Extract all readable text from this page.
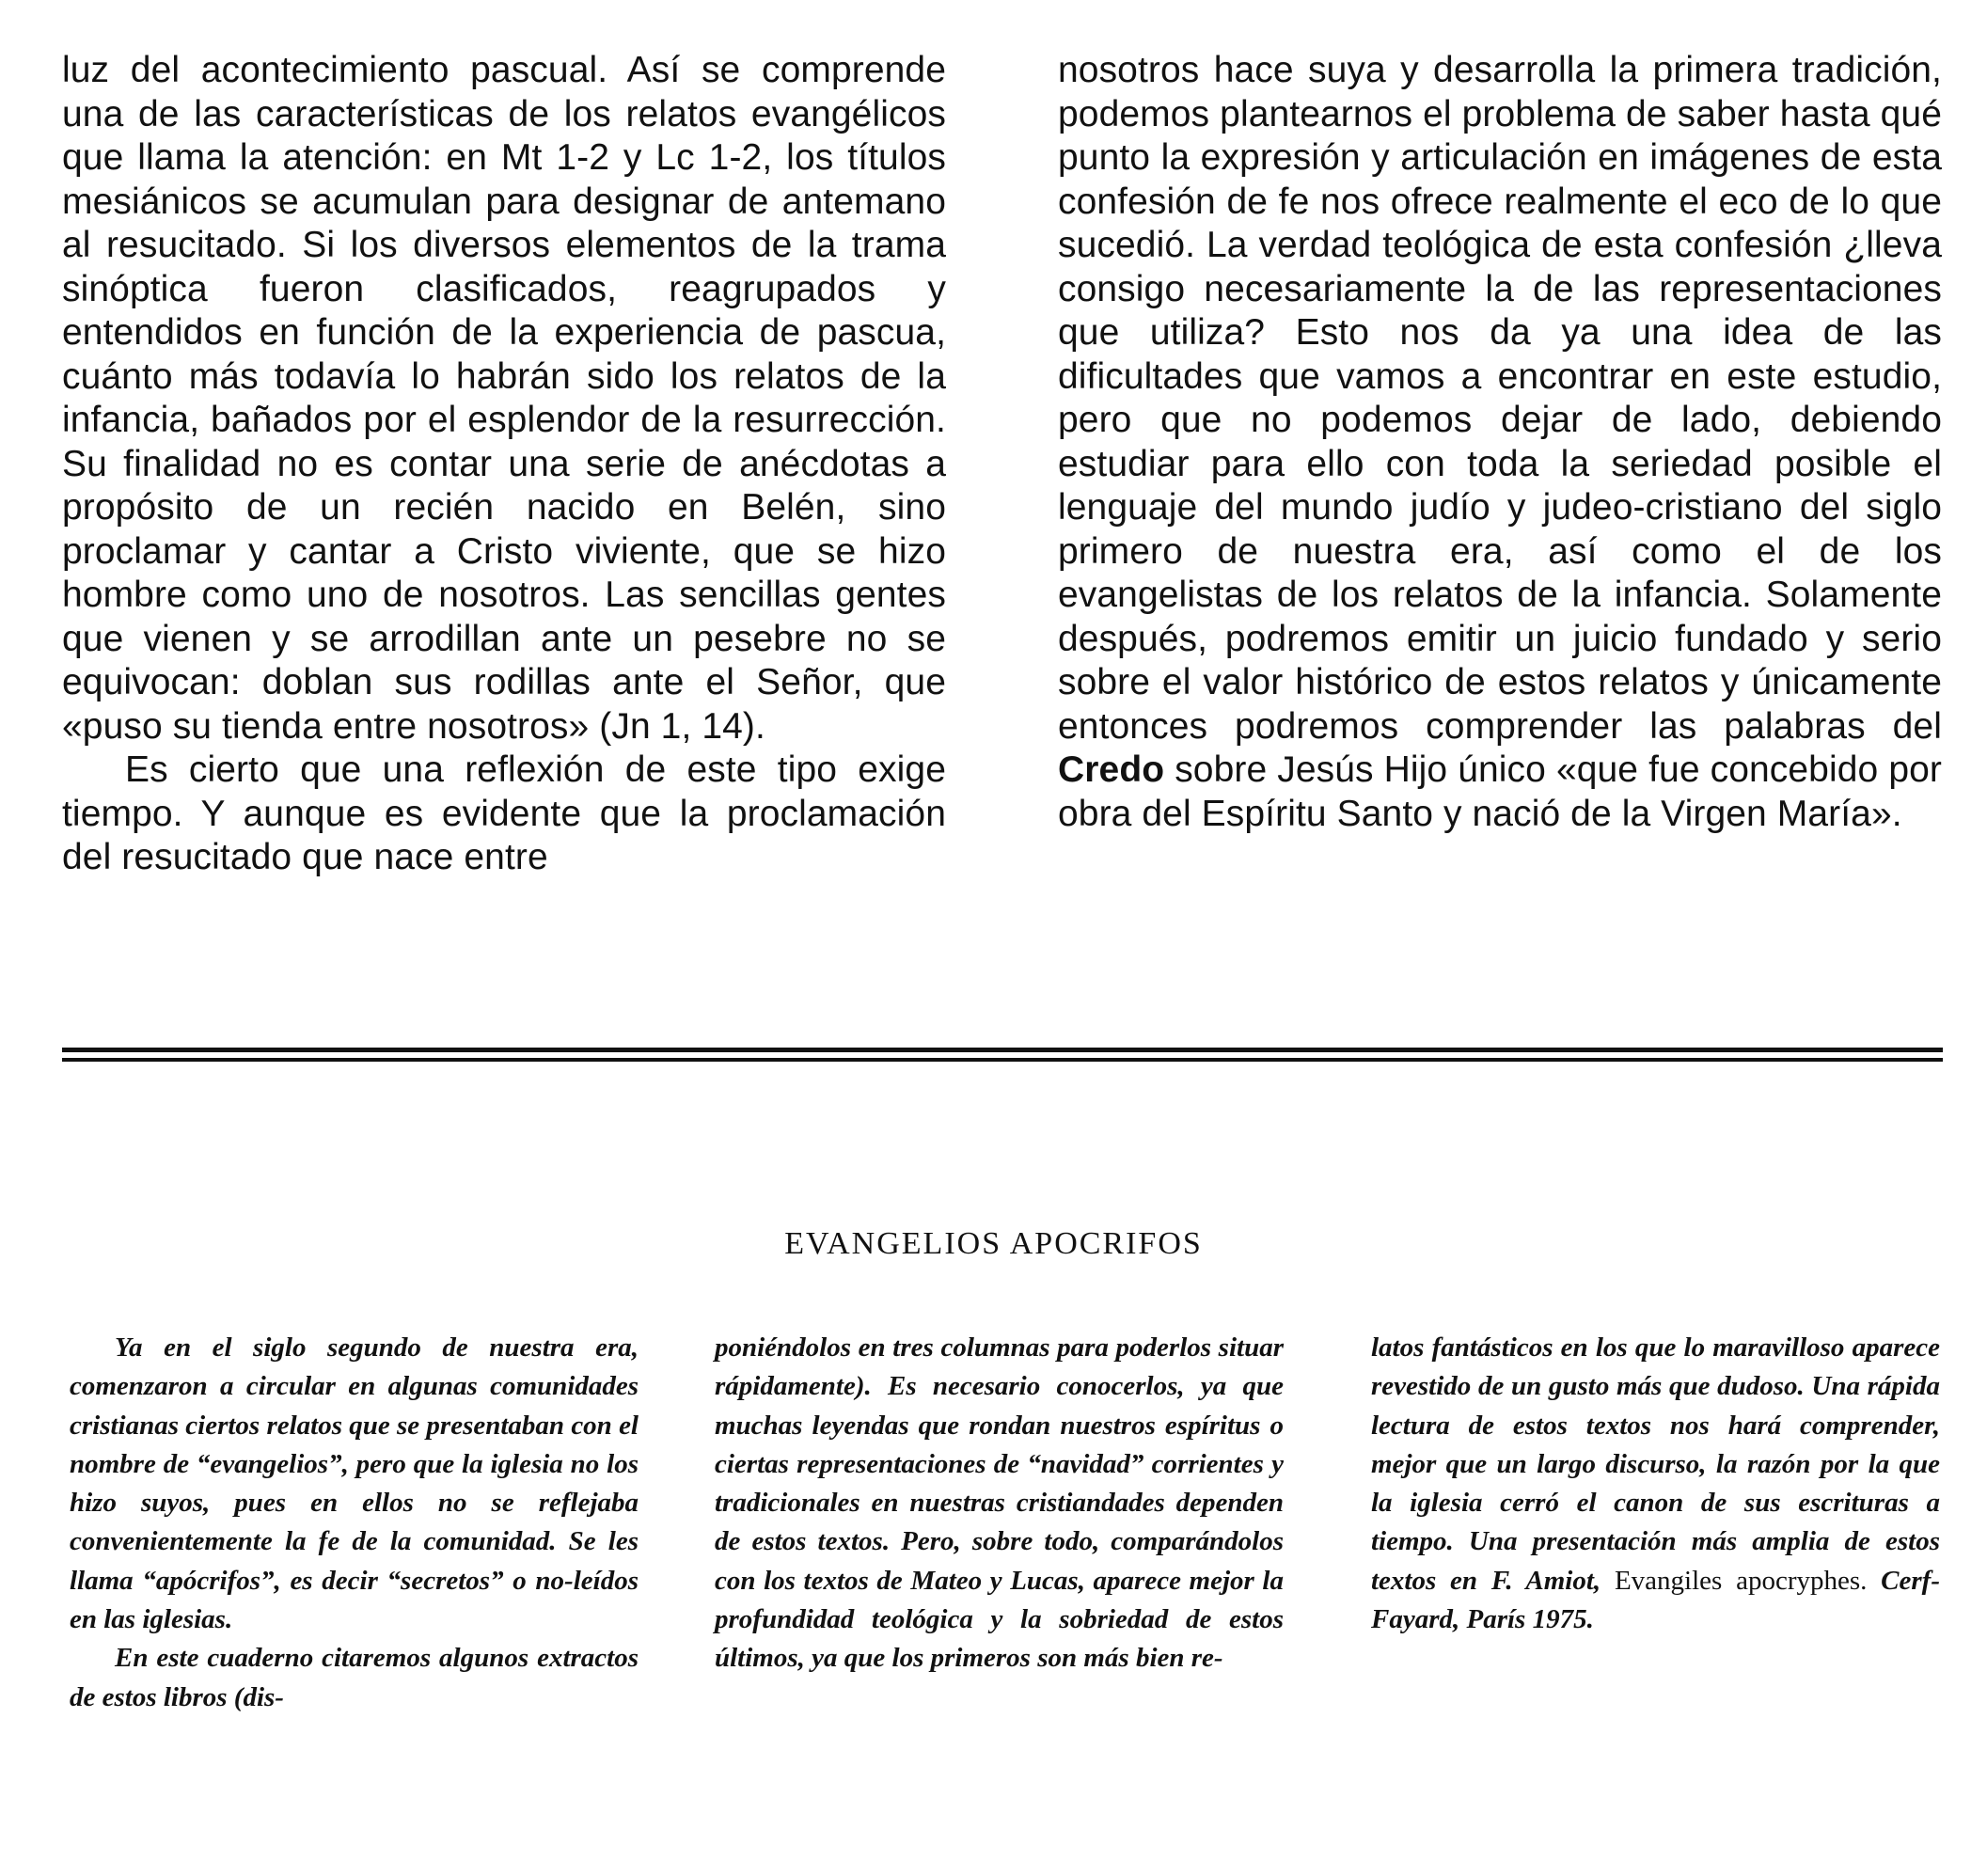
luz del acontecimiento pascual. Así se comprende una de las características de los relatos evangélicos que llama la atención: en Mt 1-2 y Lc 1-2, los títulos mesiánicos se acumulan para designar de antemano al resucitado. Si los diversos elementos de la trama sinóptica fueron clasificados, reagrupados y entendidos en función de la experiencia de pascua, cuánto más todavía lo habrán sido los relatos de la infancia, bañados por el esplendor de la resurrección. Su finalidad no es contar una serie de anécdotas a propósito de un recién nacido en Belén, sino proclamar y cantar a Cristo viviente, que se hizo hombre como uno de nosotros. Las sencillas gentes que vienen y se arrodillan ante un pesebre no se equivocan: doblan sus rodillas ante el Señor, que «puso su tienda entre nosotros» (Jn 1, 14).

Es cierto que una reflexión de este tipo exige tiempo. Y aunque es evidente que la proclamación del resucitado que nace entre

nosotros hace suya y desarrolla la primera tradición, podemos plantearnos el problema de saber hasta qué punto la expresión y articulación en imágenes de esta confesión de fe nos ofrece realmente el eco de lo que sucedió. La verdad teológica de esta confesión ¿lleva consigo necesariamente la de las representaciones que utiliza? Esto nos da ya una idea de las dificultades que vamos a encontrar en este estudio, pero que no podemos dejar de lado, debiendo estudiar para ello con toda la seriedad posible el lenguaje del mundo judío y judeo-cristiano del siglo primero de nuestra era, así como el de los evangelistas de los relatos de la infancia. Solamente después, podremos emitir un juicio fundado y serio sobre el valor histórico de estos relatos y únicamente entonces podremos comprender las palabras del Credo sobre Jesús Hijo único «que fue concebido por obra del Espíritu Santo y nació de la Virgen María».

EVANGELIOS APOCRIFOS

Ya en el siglo segundo de nuestra era, comenzaron a circular en algunas comunidades cristianas ciertos relatos que se presentaban con el nombre de “evangelios”, pero que la iglesia no los hizo suyos, pues en ellos no se reflejaba convenientemente la fe de la comunidad. Se les llama “apócrifos”, es decir “secretos” o no-leídos en las iglesias.

En este cuaderno citaremos algunos extractos de estos libros (dis-

poniéndolos en tres columnas para poderlos situar rápidamente). Es necesario conocerlos, ya que muchas leyendas que rondan nuestros espíritus o ciertas representaciones de “navidad” corrientes y tradicionales en nuestras cristiandades dependen de estos textos. Pero, sobre todo, comparándolos con los textos de Mateo y Lucas, aparece mejor la profundidad teológica y la sobriedad de estos últimos, ya que los primeros son más bien re-

latos fantásticos en los que lo maravilloso aparece revestido de un gusto más que dudoso. Una rápida lectura de estos textos nos hará comprender, mejor que un largo discurso, la razón por la que la iglesia cerró el canon de sus escrituras a tiempo. Una presentación más amplia de estos textos en F. Amiot, Evangiles apocryphes. Cerf-Fayard, París 1975.
